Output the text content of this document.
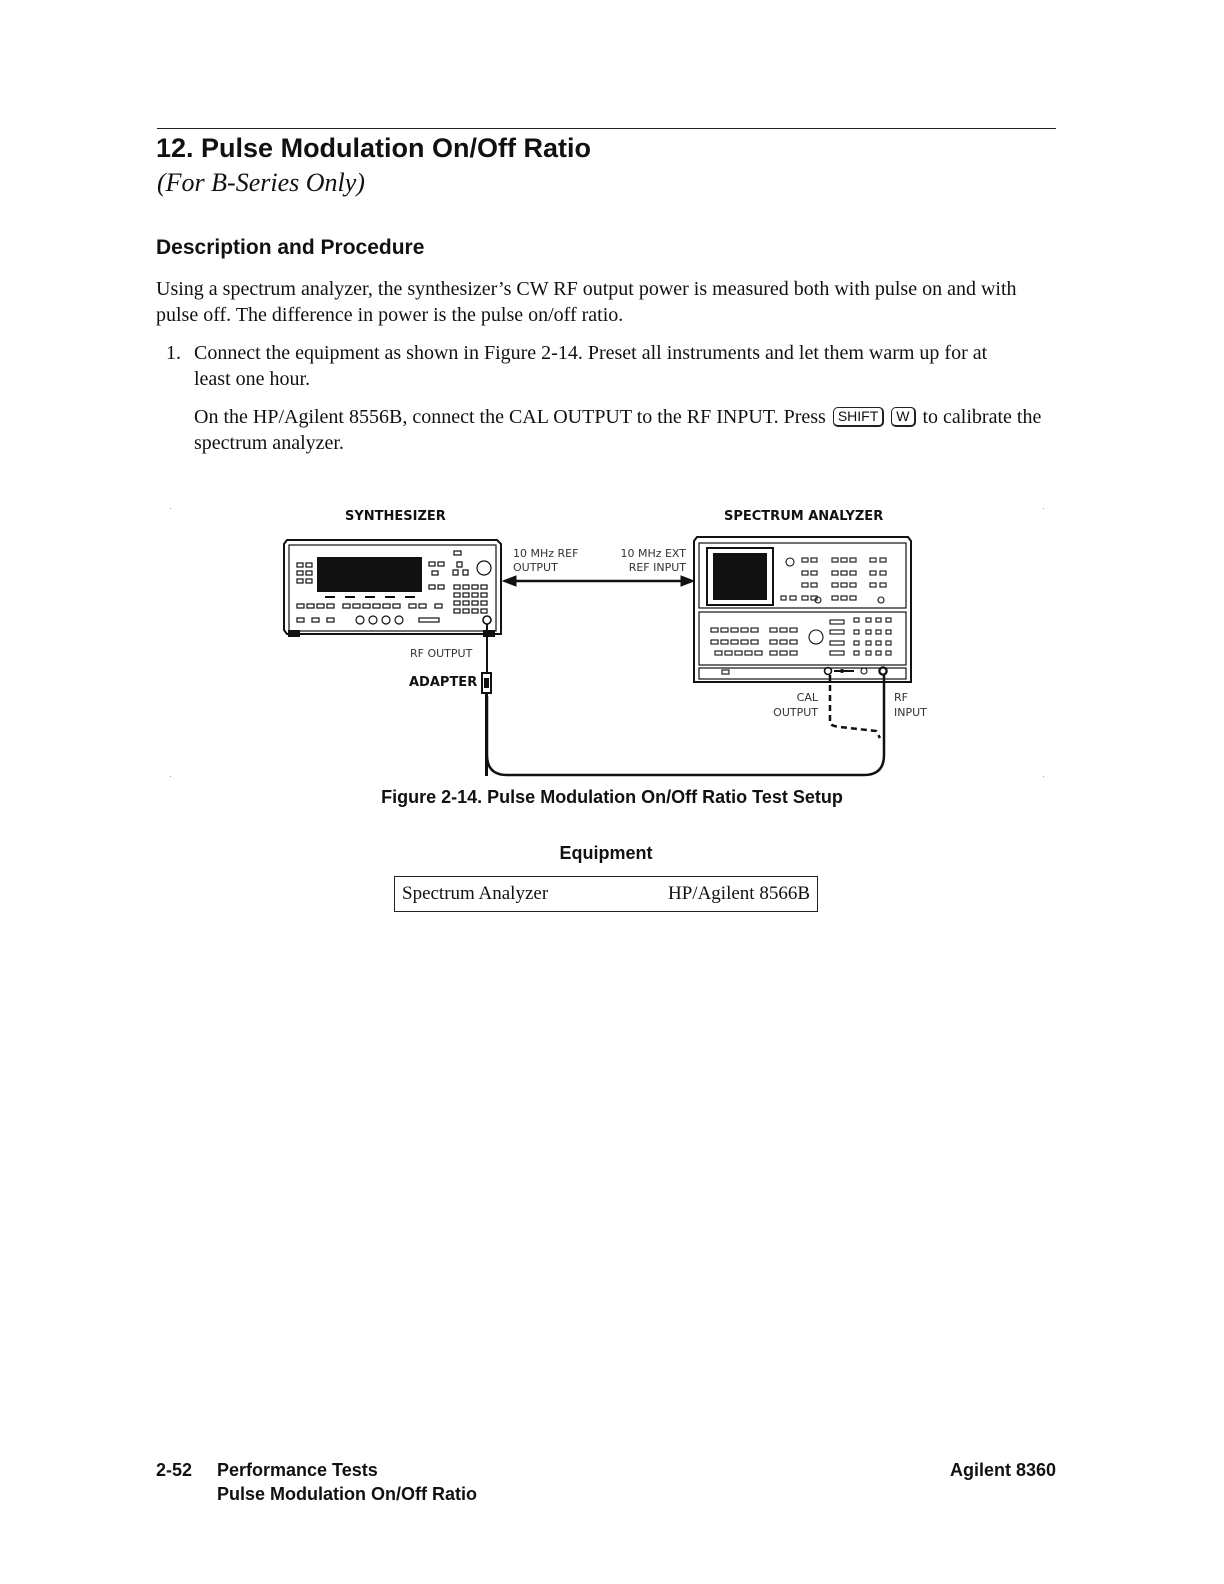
12. Pulse Modulation On/Off Ratio
(For B-Series Only)
Description and Procedure

Using a spectrum analyzer, the synthesizer’s CW RF output power is measured both with pulse on and with pulse off. The difference in power is the pulse on/off ratio.

1. Connect the equipment as shown in Figure 2-14. Preset all instruments and let them warm up for at least one hour.
On the HP/Agilent 8556B, connect the CAL OUTPUT to the RF INPUT. Press SHIFT W to calibrate the spectrum analyzer.
SYNTHESIZER	SPECTRUM ANALYZER
10 MHz REF
OUTPUT
10 MHz EXT
REF INPUT
RF OUTPUT
ADAPTER
CAL
OUTPUT
RF
INPUT
Figure 2-14. Pulse Modulation On/Off Ratio Test Setup
Equipment
Spectrum Analyzer	HP/Agilent 8566B
2-52 Performance Tests
Pulse Modulation On/Off Ratio
Agilent 8360
